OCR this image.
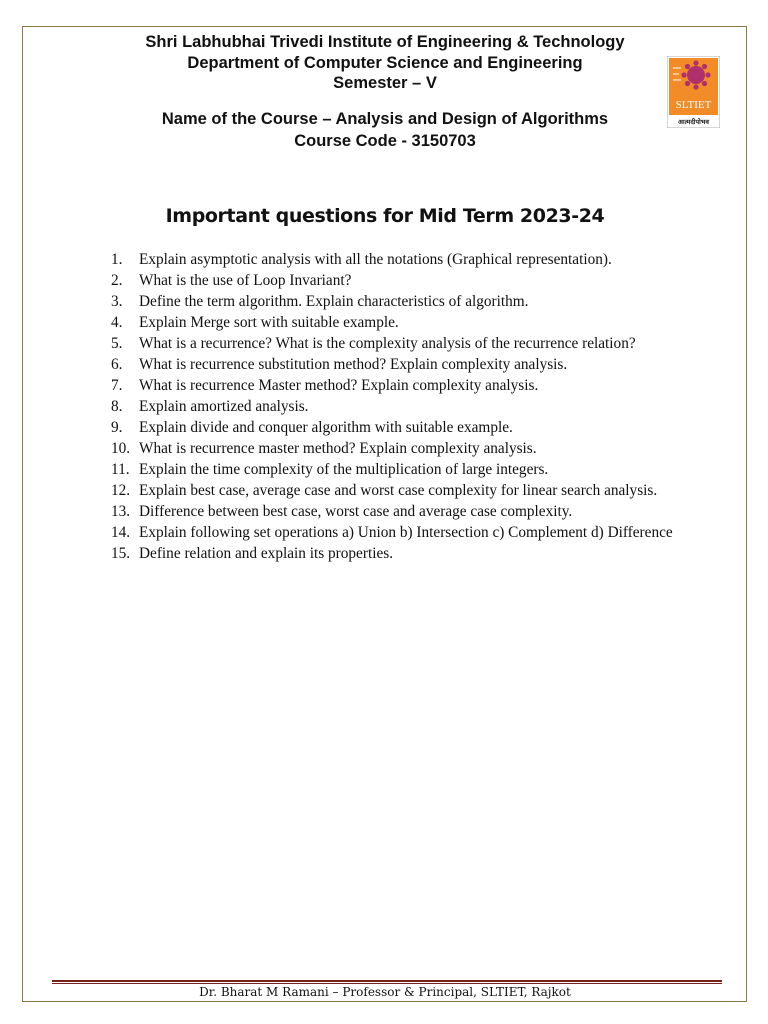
Shri Labhubhai Trivedi Institute of Engineering & Technology
Department of Computer Science and Engineering
Semester – V
Name of the Course – Analysis and Design of Algorithms
Course Code - 3150703
SLTIET
आत्मदीपोभव
Important questions for Mid Term 2023-24
1.	Explain asymptotic analysis with all the notations (Graphical representation).
2.	What is the use of Loop Invariant?
3.	Define the term algorithm. Explain characteristics of algorithm.
4.	Explain Merge sort with suitable example.
5.	What is a recurrence? What is the complexity analysis of the recurrence relation?
6.	What is recurrence substitution method? Explain complexity analysis.
7.	What is recurrence Master method? Explain complexity analysis.
8.	Explain amortized analysis.
9.	Explain divide and conquer algorithm with suitable example.
10. What is recurrence master method? Explain complexity analysis.
11. Explain the time complexity of the multiplication of large integers.
12. Explain best case, average case and worst case complexity for linear search analysis.
13. Difference between best case, worst case and average case complexity.
14. Explain following set operations a) Union b) Intersection c) Complement d) Difference
15. Define relation and explain its properties.
Dr. Bharat M Ramani – Professor & Principal, SLTIET, Rajkot
